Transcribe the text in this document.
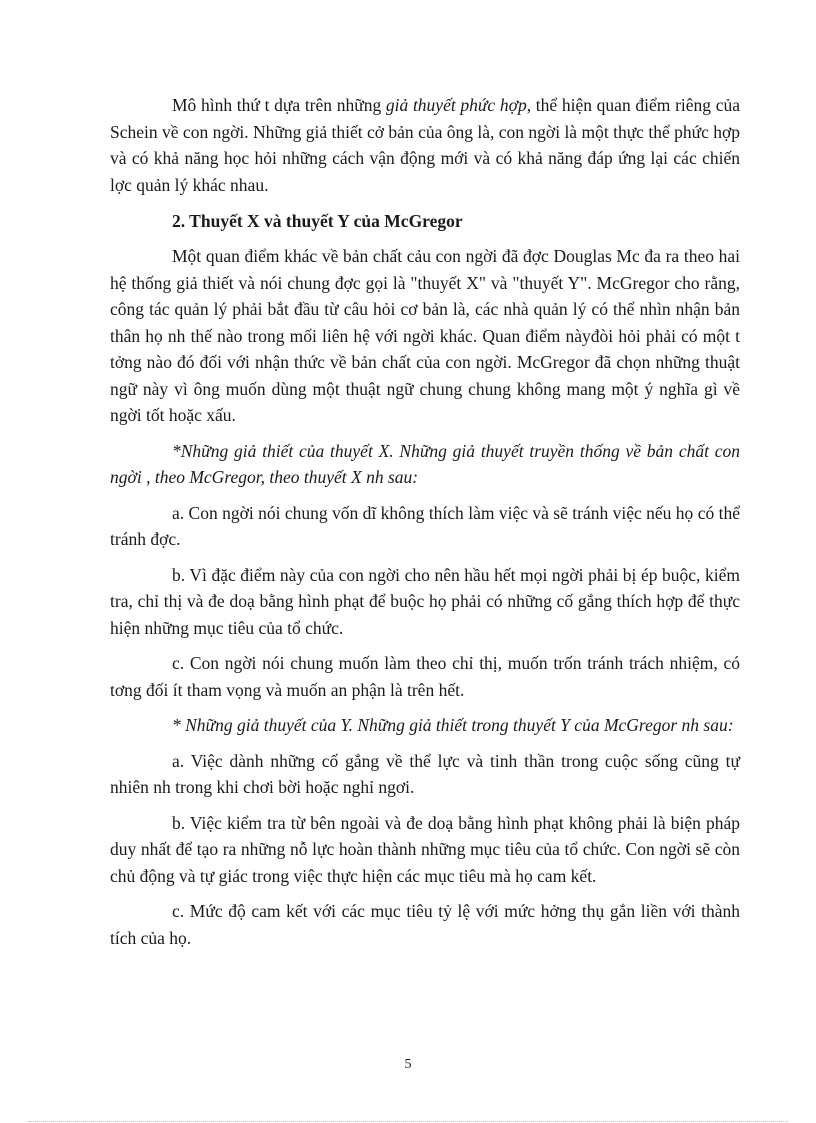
Mô hình thứ t dựa trên những giả thuyết phức hợp, thể hiện quan điểm riêng của Schein về con ngời. Những giả thiết cở bản của ông là, con ngời là một thực thể phức hợp và có khả năng học hỏi những cách vận động mới và có khả năng đáp ứng lại các chiến lợc quản lý khác nhau.

2. Thuyết X và thuyết Y của McGregor

Một quan điểm khác về bản chất cảu con ngời đã đợc Douglas Mc đa ra theo hai hệ thống giả thiết và nói chung đợc gọi là "thuyết X" và "thuyết Y". McGregor cho rằng, công tác quản lý phải bắt đầu từ câu hỏi cơ bản là, các nhà quản lý có thể nhìn nhận bản thân họ nh thế nào trong mối liên hệ với ngời khác. Quan điểm nàyđòi hỏi phải có một t tởng nào đó đối với nhận thức về bản chất của con ngời. McGregor đã chọn những thuật ngữ này vì ông muốn dùng một thuật ngữ chung chung không mang một ý nghĩa gì về ngời tốt hoặc xấu.

*Những giả thiết của thuyết X. Những giả thuyết truyền thống về bản chất con ngời , theo McGregor, theo thuyết X nh sau:

a. Con ngời nói chung vốn dĩ không thích làm việc và sẽ tránh việc nếu họ có thể tránh đợc.

b. Vì đặc điểm này của con ngời cho nên hầu hết mọi ngời phải bị ép buộc, kiểm tra, chỉ thị và đe doạ bằng hình phạt để buộc họ phải có những cố gắng thích hợp để thực hiện những mục tiêu của tổ chức.

c. Con ngời nói chung muốn làm theo chỉ thị, muốn trốn tránh trách nhiệm, có tơng đối ít tham vọng và muốn an phận là trên hết.

* Những giả thuyết của Y. Những giả thiết trong thuyết Y của McGregor nh sau:

a. Việc dành những cố gắng về thể lực và tinh thần trong cuộc sống cũng tự nhiên nh trong khi chơi bời hoặc nghỉ ngơi.

b. Việc kiểm tra từ bên ngoài và đe doạ bằng hình phạt không phải là biện pháp duy nhất để tạo ra những nỗ lực hoàn thành những mục tiêu của tổ chức. Con ngời sẽ còn chủ động và tự giác trong việc thực hiện các mục tiêu mà họ cam kết.

c. Mức độ cam kết với các mục tiêu tỷ lệ với mức hởng thụ gắn liền với thành tích của họ.

5
